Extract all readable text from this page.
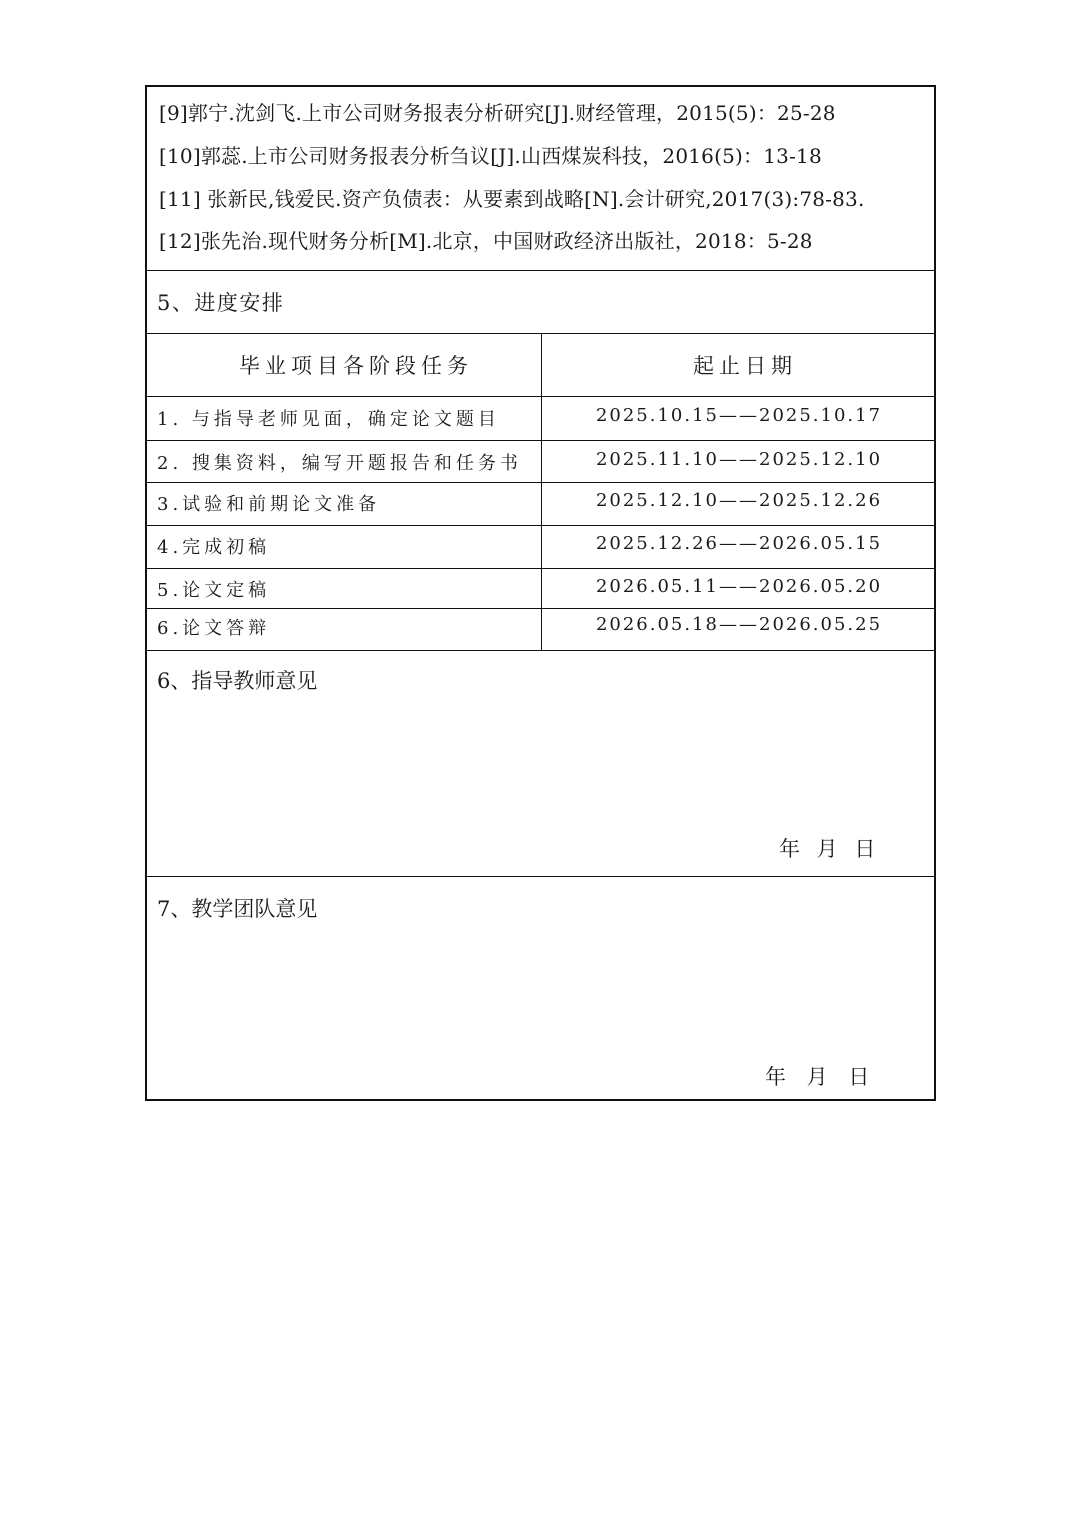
[9]郭宁.沈剑飞.上市公司财务报表分析研究[J].财经管理，2015(5)：25-28
[10]郭蕊.上市公司财务报表分析刍议[J].山西煤炭科技，2016(5)：13-18
[11] 张新民,钱爱民.资产负债表：从要素到战略[N].会计研究,2017(3):78-83.
[12]张先治.现代财务分析[M].北京，中国财政经济出版社，2018：5-28
5、进度安排
毕业项目各阶段任务	起止日期
1. 与指导老师见面，确定论文题目	2025.10.15——2025.10.17
2. 搜集资料，编写开题报告和任务书	2025.11.10——2025.12.10
3.试验和前期论文准备	2025.12.10——2025.12.26
4.完成初稿	2025.12.26——2026.05.15
5.论文定稿	2026.05.11——2026.05.20
6.论文答辩	2026.05.18——2026.05.25
6、指导教师意见
年 月 日
7、教学团队意见
年 月 日
